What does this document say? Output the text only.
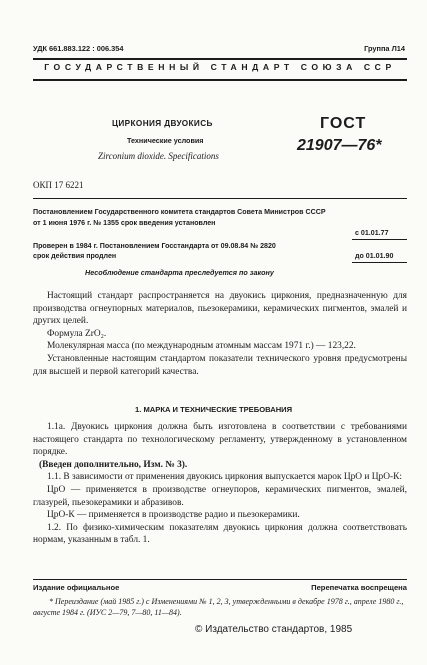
УДК 661.883.122 : 006.354	Группа Л14
ГОСУДАРСТВЕННЫЙ СТАНДАРТ СОЮЗА ССР
ЦИРКОНИЯ ДВУОКИСЬ
Технические условия
Zirconium dioxide. Specifications
ГОСТ
21907—76*
ОКП 17 6221
Постановлением Государственного комитета стандартов Совета Министров СССР
от 1 июня 1976 г. № 1355 срок введения установлен
с 01.01.77
Проверен в 1984 г. Постановлением Госстандарта от 09.08.84 № 2820
срок действия продлен	до 01.01.90
Несоблюдение стандарта преследуется по закону

Настоящий стандарт распространяется на двуокись циркония, предназначенную для производства огнеупорных материалов, пьезокерамики, керамических пигментов, эмалей и других целей.

Формула ZrO₂.

Молекулярная масса (по международным атомным массам 1971 г.) — 123,22.

Установленные настоящим стандартом показатели технического уровня предусмотрены для высшей и первой категорий качества.

1. МАРКА И ТЕХНИЧЕСКИЕ ТРЕБОВАНИЯ

1.1а. Двуокись циркония должна быть изготовлена в соответствии с требованиями настоящего стандарта по технологическому регламенту, утвержденному в установленном порядке.

(Введен дополнительно, Изм. № 3).

1.1. В зависимости от применения двуокись циркония выпускается марок ЦрО и ЦрО-К:

ЦрО — применяется в производстве огнеупоров, керамических пигментов, эмалей, глазурей, пьезокерамики и абразивов.

ЦрО-К — применяется в производстве радио и пьезокерамики.

1.2. По физико-химическим показателям двуокись циркония должна соответствовать нормам, указанным в табл. 1.

Издание официальное	Перепечатка воспрещена
* Переиздание (май 1985 г.) с Изменениями № 1, 2, 3, утвержденными в декабре 1978 г., апреле 1980 г., августе 1984 г. (ИУС 2—79, 7—80, 11—84).
© Издательство стандартов, 1985
